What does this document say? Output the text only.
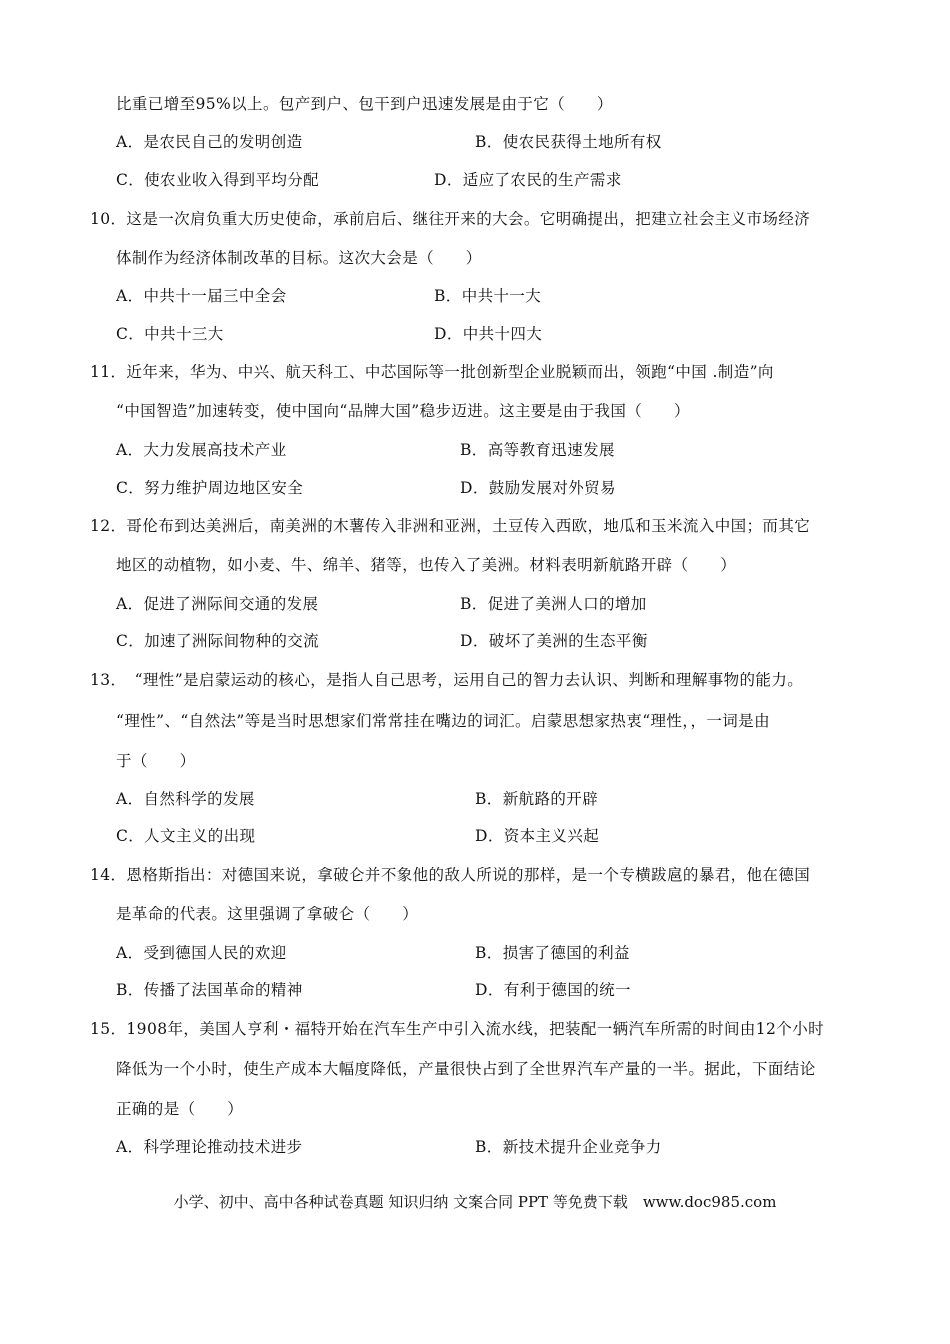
比重已增至95%以上。包产到户、包干到户迅速发展是由于它（　　）
A．是农民自己的发明创造	B．使农民获得土地所有权
C．使农业收入得到平均分配	D．适应了农民的生产需求
10．这是一次肩负重大历史使命，承前启后、继往开来的大会。它明确提出，把建立社会主义市场经济
体制作为经济体制改革的目标。这次大会是（　　）
A．中共十一届三中全会	B．中共十一大
C．中共十三大	D．中共十四大
11．近年来，华为、中兴、航天科工、中芯国际等一批创新型企业脱颖而出，领跑“中国 .制造”向
“中国智造”加速转变，使中国向“品牌大国”稳步迈进。这主要是由于我国（　　）
A．大力发展高技术产业	B．高等教育迅速发展
C．努力维护周边地区安全	D．鼓励发展对外贸易
12．哥伦布到达美洲后，南美洲的木薯传入非洲和亚洲，土豆传入西欧，地瓜和玉米流入中国；而其它
地区的动植物，如小麦、牛、绵羊、猪等，也传入了美洲。材料表明新航路开辟（　　）
A．促进了洲际间交通的发展	B．促进了美洲人口的增加
C．加速了洲际间物种的交流	D．破坏了美洲的生态平衡
13．　“理性”是启蒙运动的核心，是指人自己思考，运用自己的智力去认识、判断和理解事物的能力。
“理性”、“自然法”等是当时思想家们常常挂在嘴边的词汇。启蒙思想家热衷“理性，，一词是由
于（　　）
A．自然科学的发展	B．新航路的开辟
C．人文主义的出现	D．资本主义兴起
14．恩格斯指出：对德国来说，拿破仑并不象他的敌人所说的那样，是一个专横跋扈的暴君，他在德国
是革命的代表。这里强调了拿破仑（　　）
A．受到德国人民的欢迎	B．损害了德国的利益
B．传播了法国革命的精神	D．有利于德国的统一
15．1908年，美国人亨利・福特开始在汽车生产中引入流水线，把装配一辆汽车所需的时间由12个小时
降低为一个小时，使生产成本大幅度降低，产量很快占到了全世界汽车产量的一半。据此，下面结论
正确的是（　　）
A．科学理论推动技术进步	B．新技术提升企业竞争力
小学、初中、高中各种试卷真题 知识归纳 文案合同 PPT 等免费下载　www.doc985.com
